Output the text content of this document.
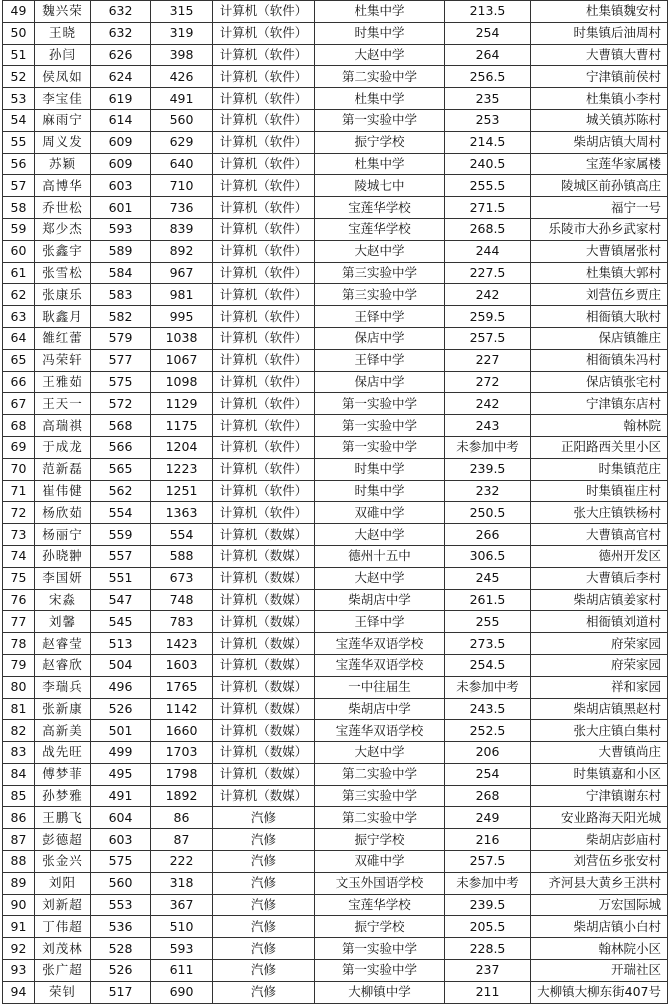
49	魏兴荣	632	315	计算机（软件）	杜集中学	213.5	杜集镇魏安村
50	王晓	632	319	计算机（软件）	时集中学	254	时集镇后油周村
51	孙闫	626	398	计算机（软件）	大赵中学	264	大曹镇大曹村
52	侯凤如	624	426	计算机（软件）	第二实验中学	256.5	宁津镇前侯村
53	李宝佳	619	491	计算机（软件）	杜集中学	235	杜集镇小李村
54	麻雨宁	614	560	计算机（软件）	第一实验中学	253	城关镇苏陈村
55	周义发	609	629	计算机（软件）	振宁学校	214.5	柴胡店镇大周村
56	苏颖	609	640	计算机（软件）	杜集中学	240.5	宝莲华家属楼
57	高博华	603	710	计算机（软件）	陵城七中	255.5	陵城区前孙镇高庄
58	乔世松	601	736	计算机（软件）	宝莲华学校	271.5	福宁一号
59	郑少杰	593	839	计算机（软件）	宝莲华学校	268.5	乐陵市大孙乡武家村
60	张鑫宇	589	892	计算机（软件）	大赵中学	244	大曹镇屠张村
61	张雪松	584	967	计算机（软件）	第三实验中学	227.5	杜集镇大郭村
62	张康乐	583	981	计算机（软件）	第三实验中学	242	刘营伍乡贾庄
63	耿鑫月	582	995	计算机（软件）	王铎中学	259.5	相衙镇大耿村
64	雒红蕾	579	1038	计算机（软件）	保店中学	257.5	保店镇雒庄
65	冯荣轩	577	1067	计算机（软件）	王铎中学	227	相衙镇朱冯村
66	王雅茹	575	1098	计算机（软件）	保店中学	272	保店镇张宅村
67	王天一	572	1129	计算机（软件）	第一实验中学	242	宁津镇东店村
68	高瑞祺	568	1175	计算机（软件）	第一实验中学	243	翰林院
69	于成龙	566	1204	计算机（软件）	第一实验中学	未参加中考	正阳路西关里小区
70	范新磊	565	1223	计算机（软件）	时集中学	239.5	时集镇范庄
71	崔伟健	562	1251	计算机（软件）	时集中学	232	时集镇崔庄村
72	杨欣茹	554	1363	计算机（软件）	双碓中学	250.5	张大庄镇铁杨村
73	杨丽宁	559	554	计算机（数媒）	大赵中学	266	大曹镇高官村
74	孙晓翀	557	588	计算机（数媒）	德州十五中	306.5	德州开发区
75	李国妍	551	673	计算机（数媒）	大赵中学	245	大曹镇后李村
76	宋淼	547	748	计算机（数媒）	柴胡店中学	261.5	柴胡店镇姜家村
77	刘馨	545	783	计算机（数媒）	王铎中学	255	相衙镇刘道村
78	赵睿莹	513	1423	计算机（数媒）	宝莲华双语学校	273.5	府荣家园
79	赵睿欣	504	1603	计算机（数媒）	宝莲华双语学校	254.5	府荣家园
80	李瑞兵	496	1765	计算机（数媒）	一中往届生	未参加中考	祥和家园
81	张新康	526	1142	计算机（数媒）	柴胡店中学	243.5	柴胡店镇黑赵村
82	高新美	501	1660	计算机（数媒）	宝莲华双语学校	252.5	张大庄镇白集村
83	战先旺	499	1703	计算机（数媒）	大赵中学	206	大曹镇尚庄
84	傅梦菲	495	1798	计算机（数媒）	第二实验中学	254	时集镇嘉和小区
85	孙梦雅	491	1892	计算机（数媒）	第三实验中学	268	宁津镇谢东村
86	王鹏飞	604	86	汽修	第二实验中学	249	安业路海天阳光城
87	彭德超	603	87	汽修	振宁学校	216	柴胡店彭庙村
88	张金兴	575	222	汽修	双碓中学	257.5	刘营伍乡张安村
89	刘阳	560	318	汽修	文玉外国语学校	未参加中考	齐河县大黄乡王洪村
90	刘新超	553	367	汽修	宝莲华学校	239.5	万宏国际城
91	丁伟超	536	510	汽修	振宁学校	205.5	柴胡店镇小白村
92	刘茂林	528	593	汽修	第一实验中学	228.5	翰林院小区
93	张广超	526	611	汽修	第一实验中学	237	开瑞社区
94	荣钊	517	690	汽修	大柳镇中学	211	大柳镇大柳东街407号
